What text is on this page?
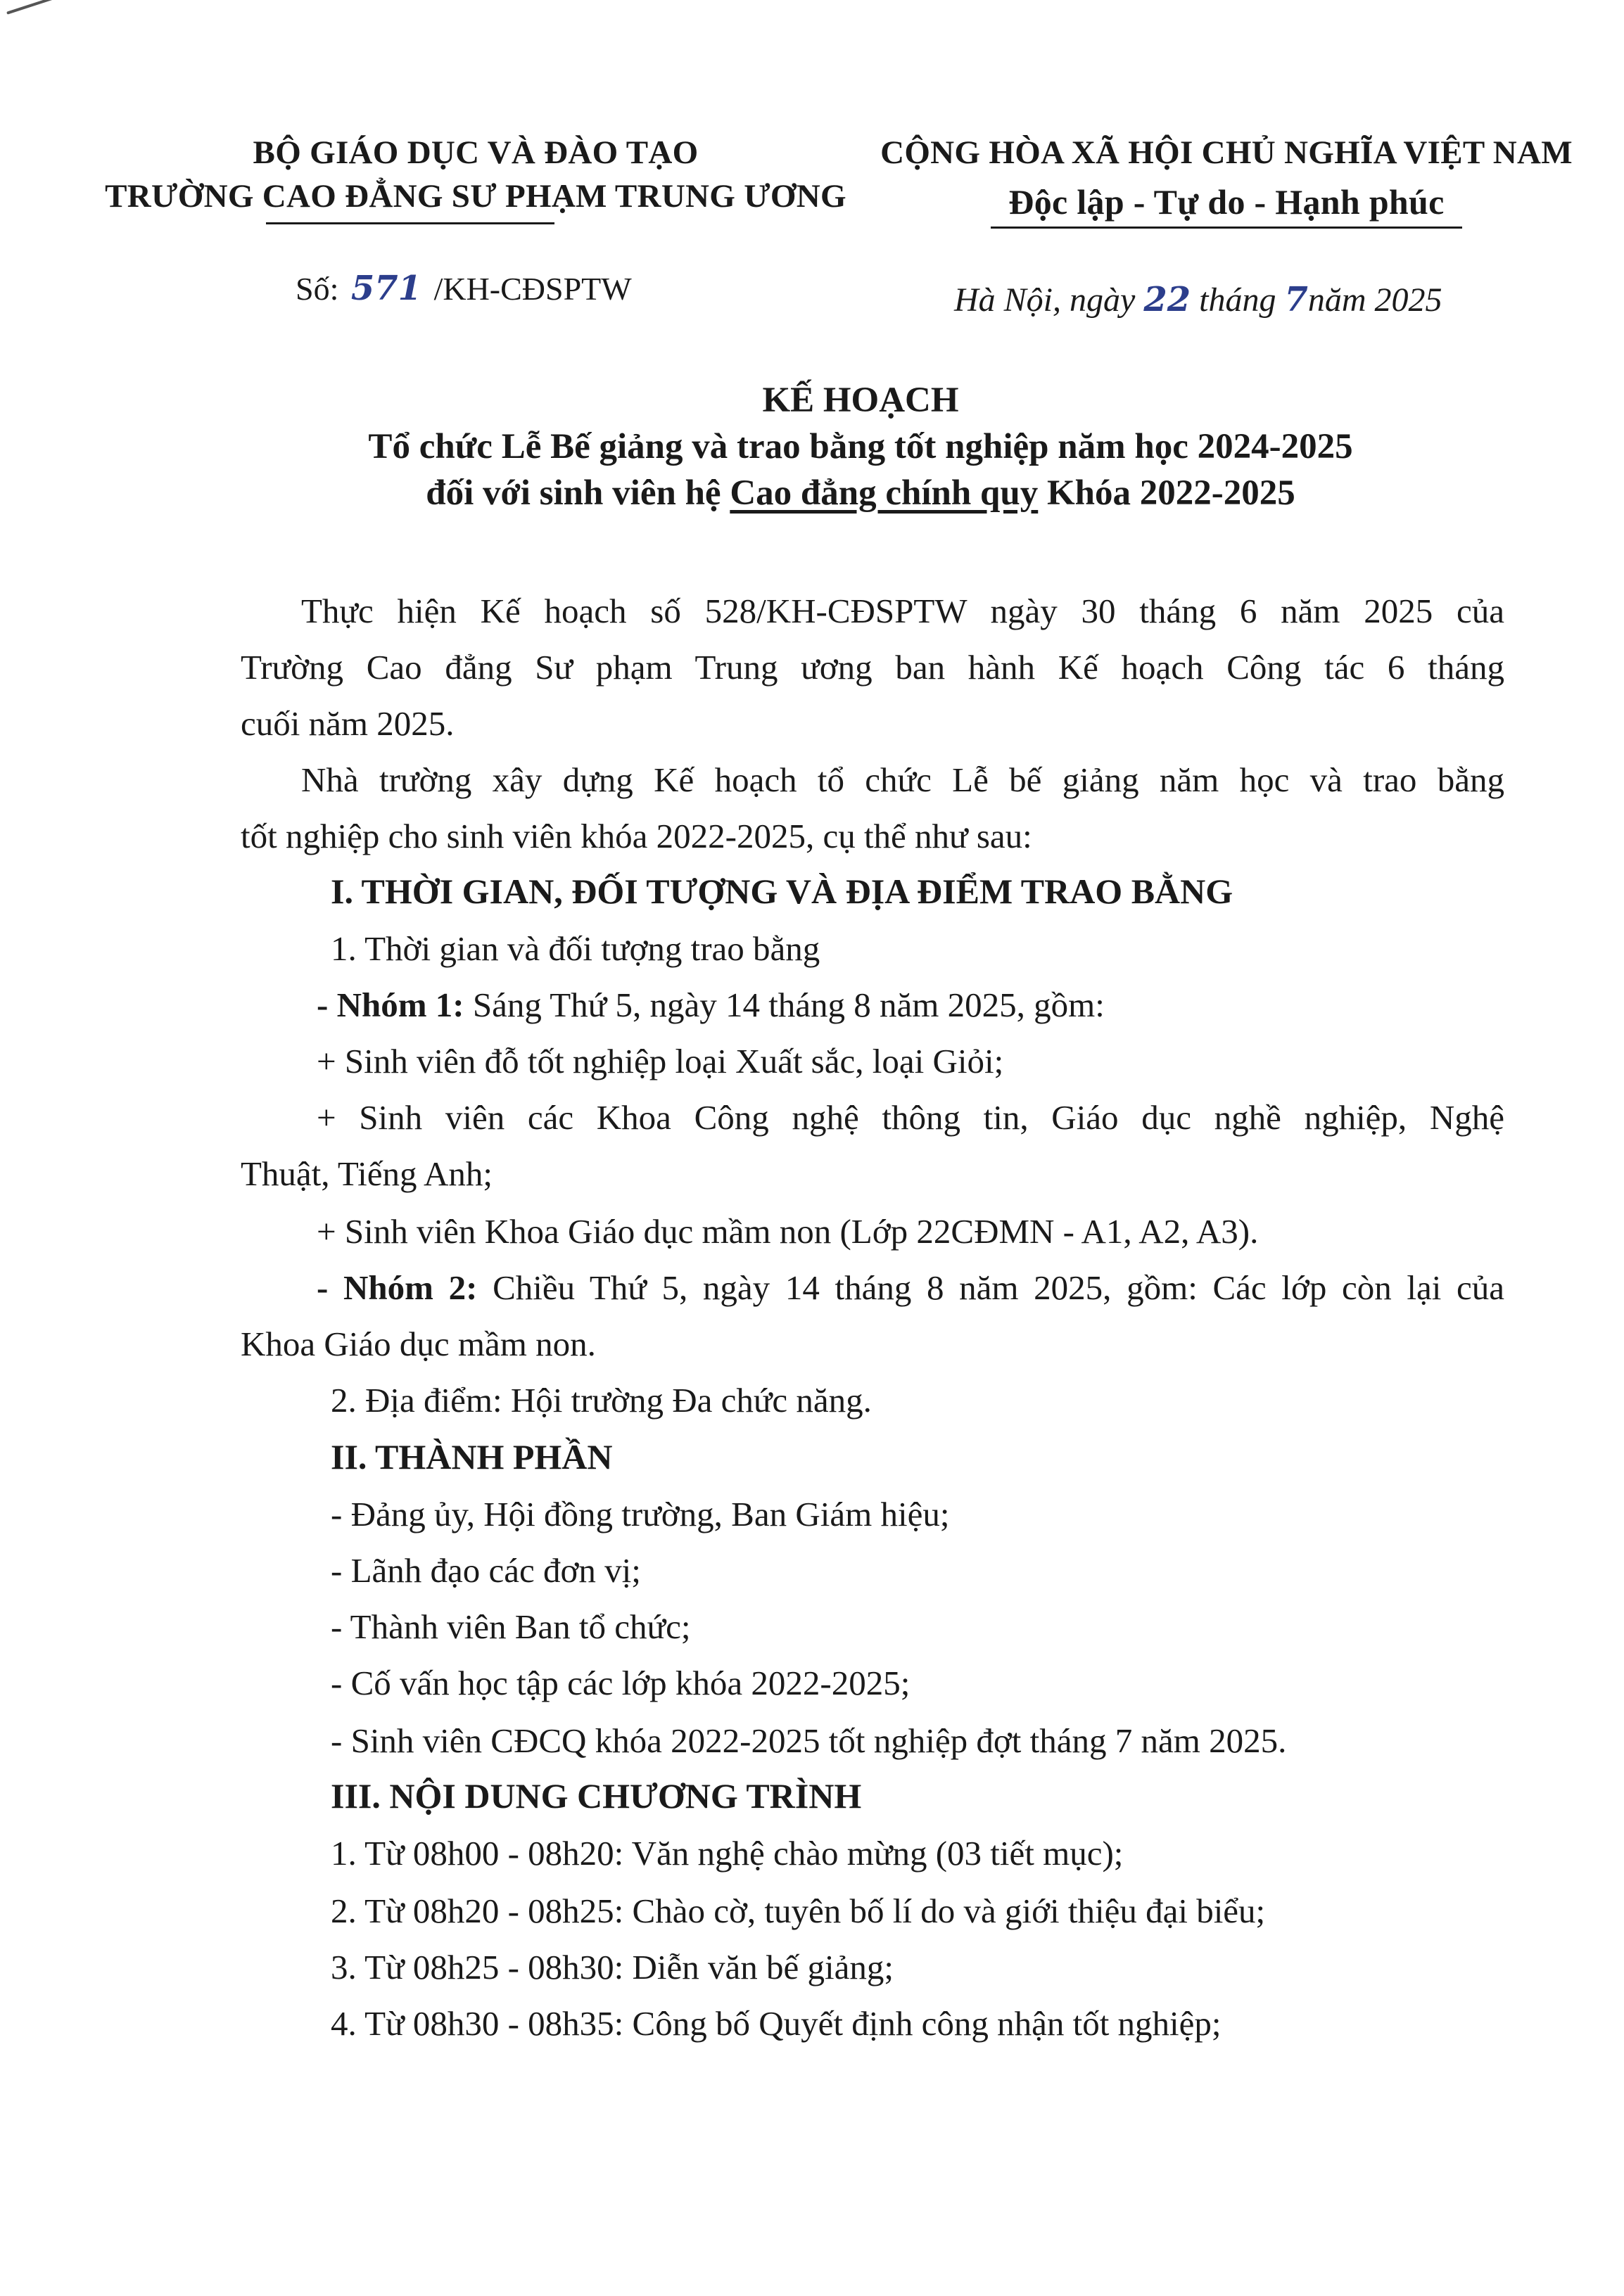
BỘ GIÁO DỤC VÀ ĐÀO TẠO
TRƯỜNG CAO ĐẲNG SƯ PHẠM TRUNG ƯƠNG
CỘNG HÒA XÃ HỘI CHỦ NGHĨA VIỆT NAM
Độc lập - Tự do - Hạnh phúc
Số: 571 /KH-CĐSPTW	Hà Nội, ngày 22 tháng 7năm 2025
KẾ HOẠCH
Tổ chức Lễ Bế giảng và trao bằng tốt nghiệp năm học 2024-2025
đối với sinh viên hệ Cao đẳng chính quy Khóa 2022-2025
Thực hiện Kế hoạch số 528/KH-CĐSPTW ngày 30 tháng 6 năm 2025 của
Trường Cao đẳng Sư phạm Trung ương ban hành Kế hoạch Công tác 6 tháng
cuối năm 2025.
Nhà trường xây dựng Kế hoạch tổ chức Lễ bế giảng năm học và trao bằng
tốt nghiệp cho sinh viên khóa 2022-2025, cụ thể như sau:
I. THỜI GIAN, ĐỐI TƯỢNG VÀ ĐỊA ĐIỂM TRAO BẰNG
1. Thời gian và đối tượng trao bằng
- Nhóm 1: Sáng Thứ 5, ngày 14 tháng 8 năm 2025, gồm:
+ Sinh viên đỗ tốt nghiệp loại Xuất sắc, loại Giỏi;
+ Sinh viên các Khoa Công nghệ thông tin, Giáo dục nghề nghiệp, Nghệ
Thuật, Tiếng Anh;
+ Sinh viên Khoa Giáo dục mầm non (Lớp 22CĐMN - A1, A2, A3).
- Nhóm 2: Chiều Thứ 5, ngày 14 tháng 8 năm 2025, gồm: Các lớp còn lại của
Khoa Giáo dục mầm non.
2. Địa điểm: Hội trường Đa chức năng.
II. THÀNH PHẦN
- Đảng ủy, Hội đồng trường, Ban Giám hiệu;
- Lãnh đạo các đơn vị;
- Thành viên Ban tổ chức;
- Cố vấn học tập các lớp khóa 2022-2025;
- Sinh viên CĐCQ khóa 2022-2025 tốt nghiệp đợt tháng 7 năm 2025.
III. NỘI DUNG CHƯƠNG TRÌNH
1. Từ 08h00 - 08h20: Văn nghệ chào mừng (03 tiết mục);
2. Từ 08h20 - 08h25: Chào cờ, tuyên bố lí do và giới thiệu đại biểu;
3. Từ 08h25 - 08h30: Diễn văn bế giảng;
4. Từ 08h30 - 08h35: Công bố Quyết định công nhận tốt nghiệp;
